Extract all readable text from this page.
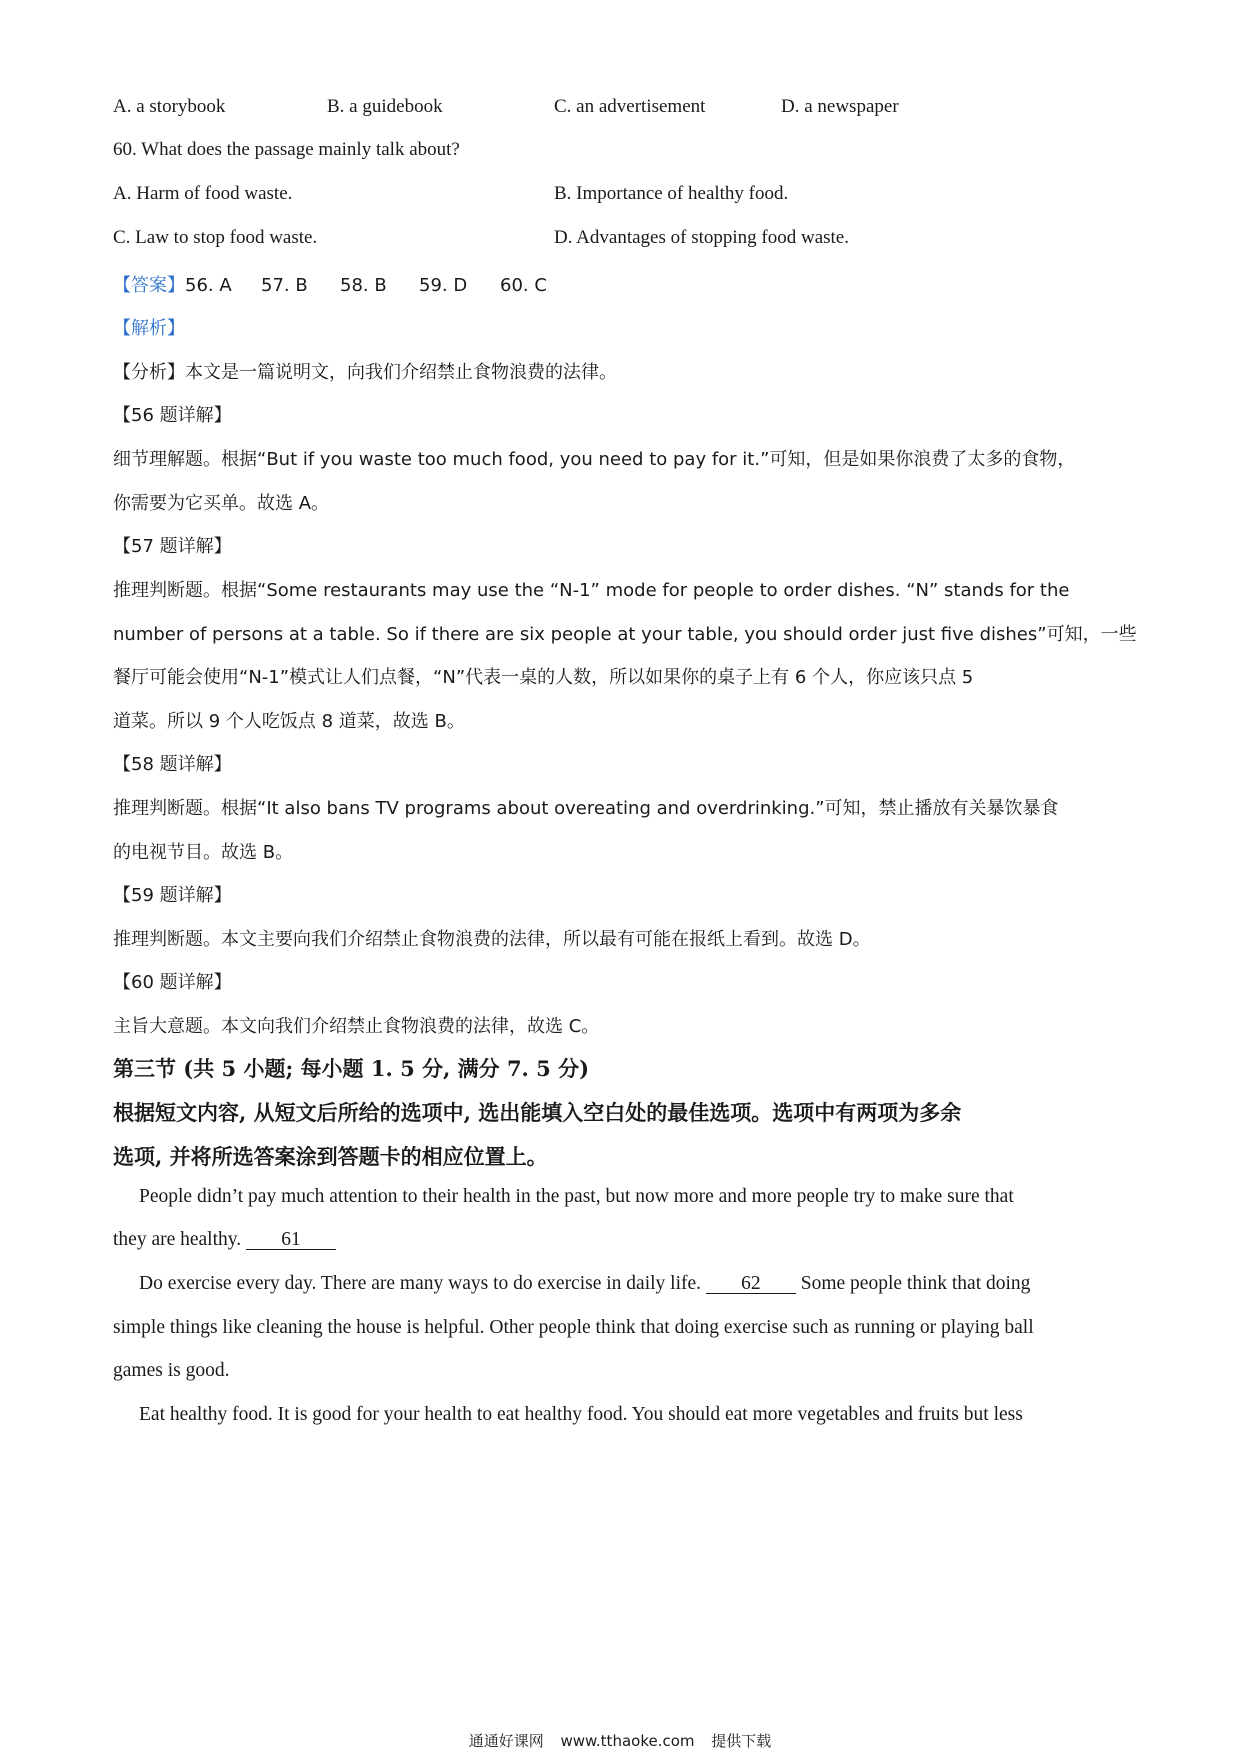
A. a storybook	B. a guidebook	C. an advertisement	D. a newspaper
60. What does the passage mainly talk about?
A. Harm of food waste.	B. Importance of healthy food.
C. Law to stop food waste.	D. Advantages of stopping food waste.
【答案】56. A 57. B 58. B 59. D 60. C
【解析】
【分析】本文是一篇说明文，向我们介绍禁止食物浪费的法律。
【56 题详解】
细节理解题。根据“But if you waste too much food, you need to pay for it.”可知，但是如果你浪费了太多的食物，
你需要为它买单。故选 A。
【57 题详解】
推理判断题。根据“Some restaurants may use the “N-1” mode for people to order dishes. “N” stands for the
number of persons at a table. So if there are six people at your table, you should order just five dishes”可知，一些
餐厅可能会使用“N-1”模式让人们点餐，“N”代表一桌的人数，所以如果你的桌子上有 6 个人，你应该只点 5
道菜。所以 9 个人吃饭点 8 道菜，故选 B。
【58 题详解】
推理判断题。根据“It also bans TV programs about overeating and overdrinking.”可知，禁止播放有关暴饮暴食
的电视节目。故选 B。
【59 题详解】
推理判断题。本文主要向我们介绍禁止食物浪费的法律，所以最有可能在报纸上看到。故选 D。
【60 题详解】
主旨大意题。本文向我们介绍禁止食物浪费的法律，故选 C。
第三节 (共 5 小题; 每小题 1. 5 分, 满分 7. 5 分)
根据短文内容, 从短文后所给的选项中, 选出能填入空白处的最佳选项。选项中有两项为多余
选项, 并将所选答案涂到答题卡的相应位置上。
People didn’t pay much attention to their health in the past, but now more and more people try to make sure that
they are healthy. 61
Do exercise every day. There are many ways to do exercise in daily life. 62 Some people think that doing
simple things like cleaning the house is helpful. Other people think that doing exercise such as running or playing ball
games is good.
Eat healthy food. It is good for your health to eat healthy food. You should eat more vegetables and fruits but less
通通好课网 www.tthaoke.com 提供下载
